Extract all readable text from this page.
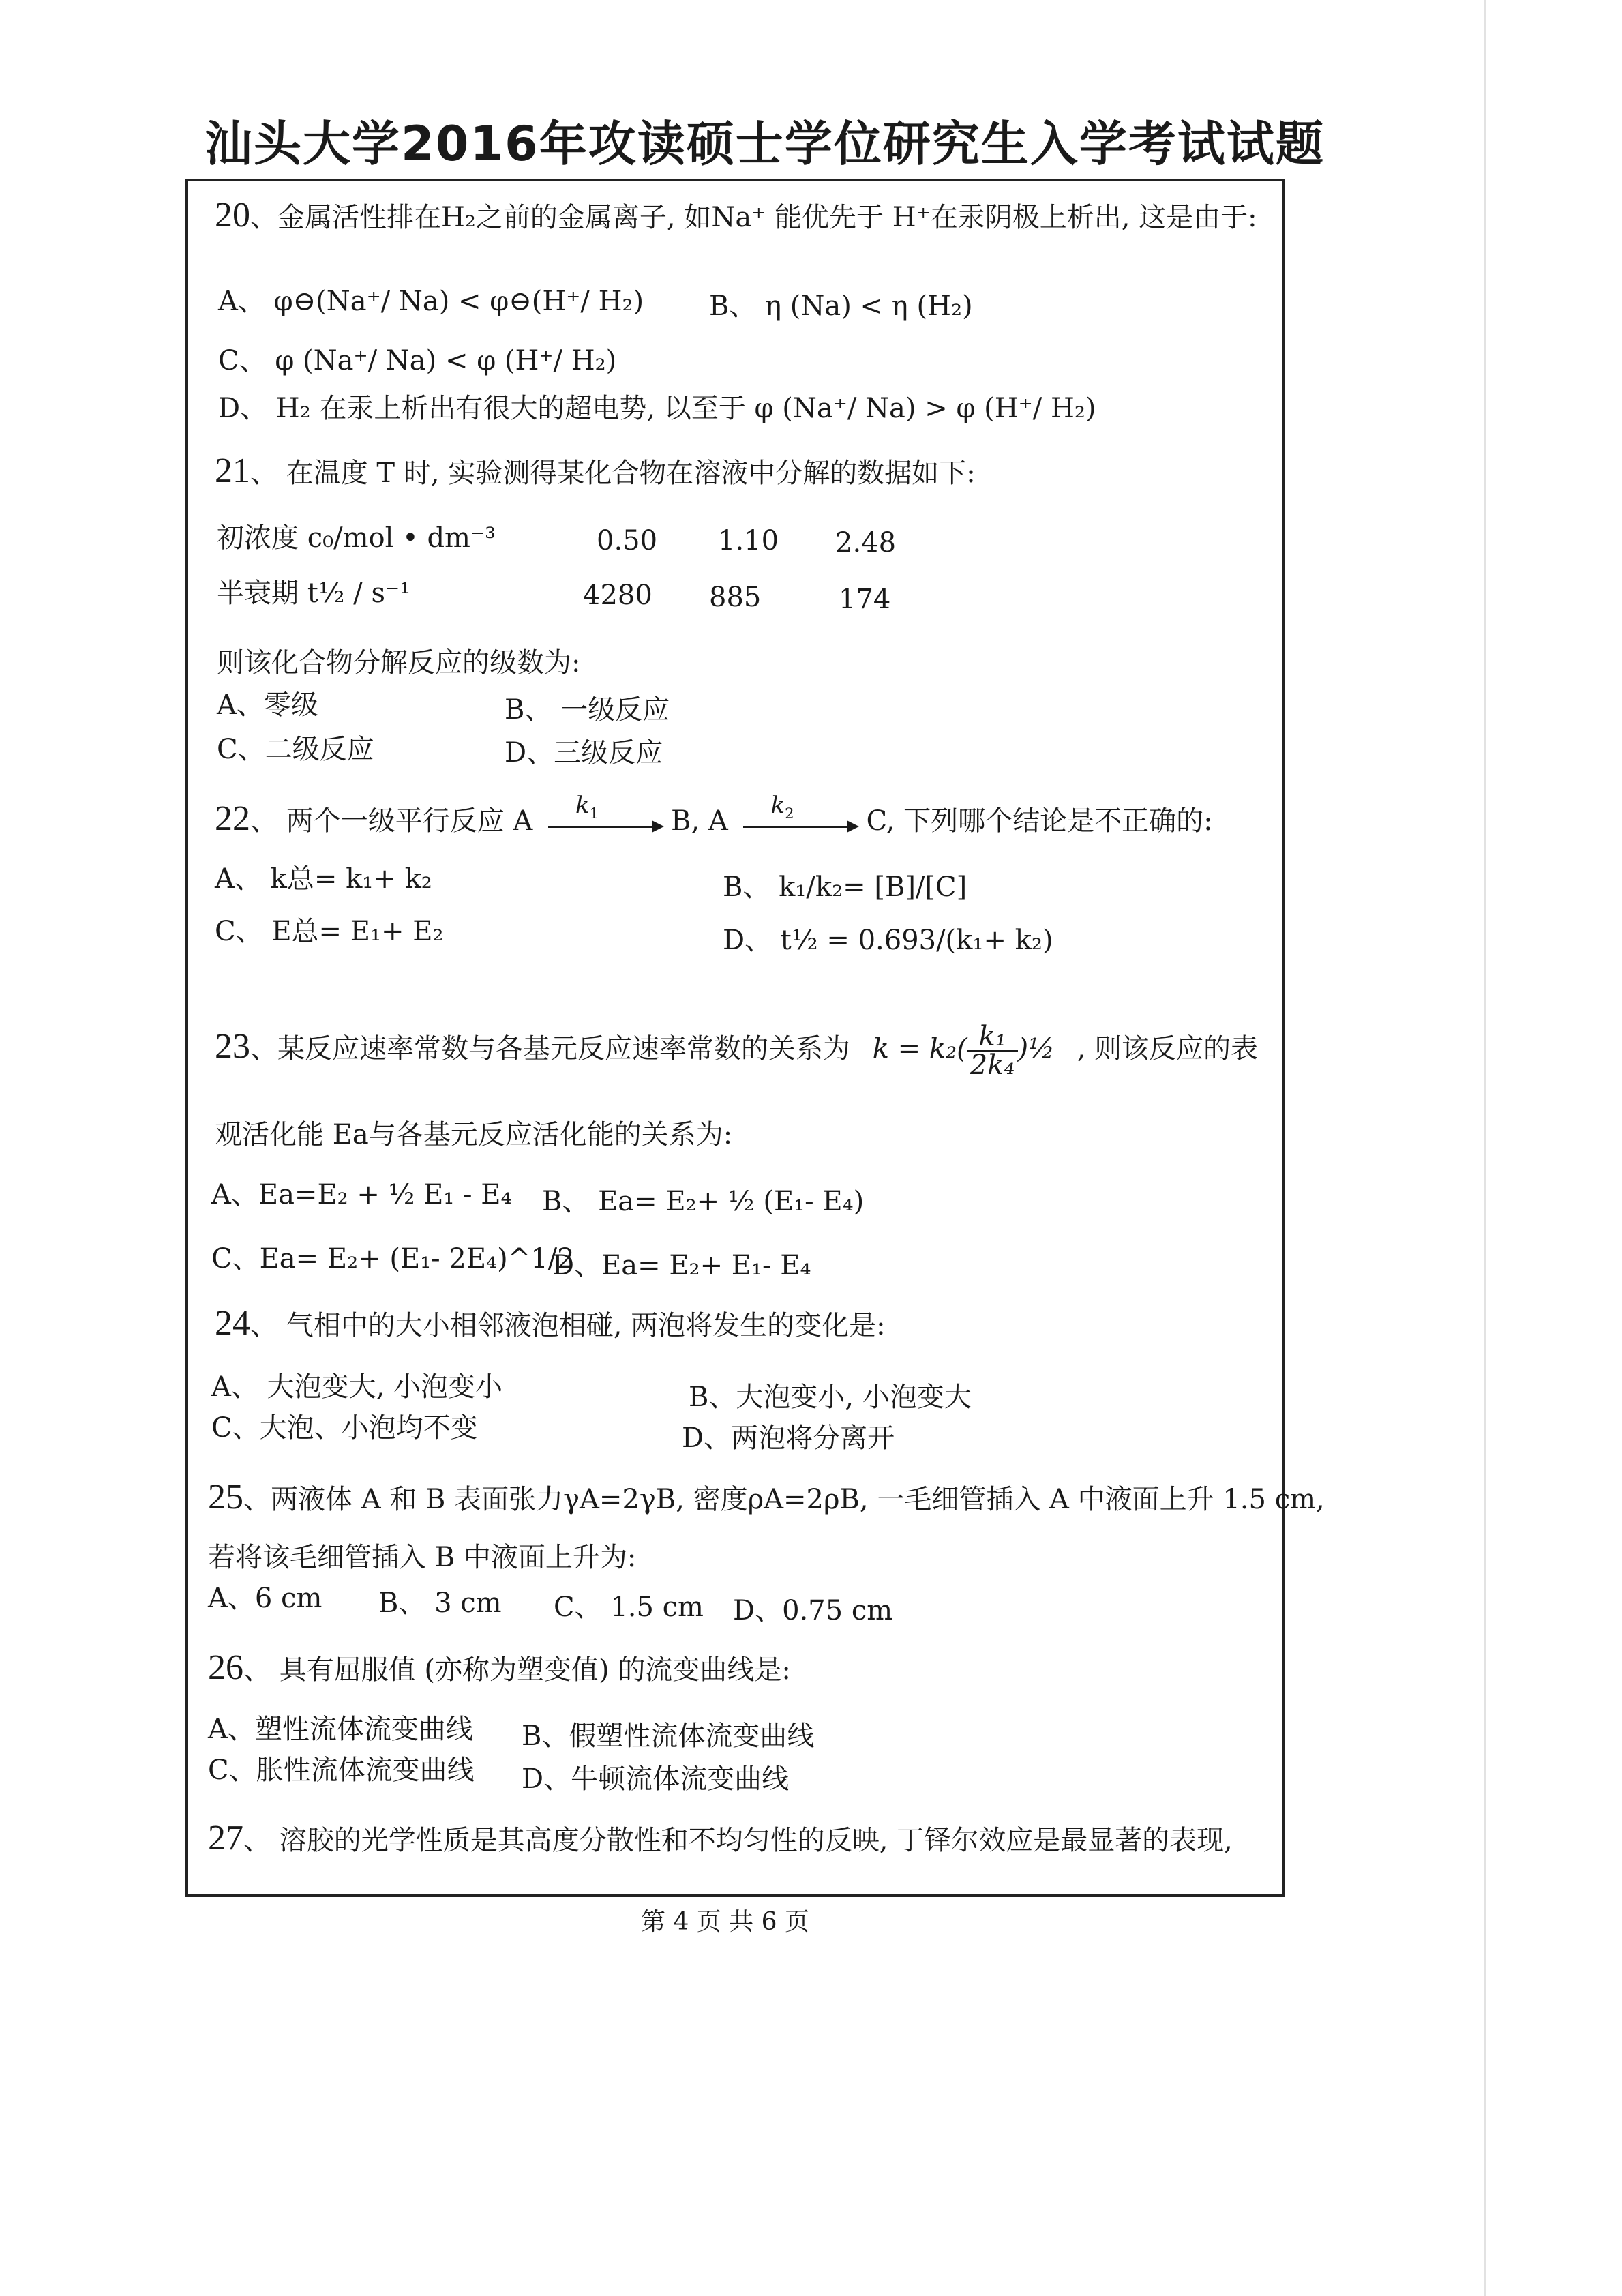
汕头大学2016年攻读硕士学位研究生入学考试试题
20、金属活性排在H₂之前的金属离子, 如Na⁺ 能优先于 H⁺在汞阴极上析出, 这是由于:
A、 φ⊖(Na⁺/ Na) < φ⊖(H⁺/ H₂) B、 η (Na) < η (H₂)
C、 φ (Na⁺/ Na) < φ (H⁺/ H₂)
D、 H₂ 在汞上析出有很大的超电势, 以至于 φ (Na⁺/ Na) > φ (H⁺/ H₂)
21、 在温度 T 时, 实验测得某化合物在溶液中分解的数据如下:
初浓度 c₀/mol • dm⁻³	0.50 1.10 2.48
半衰期 t½ / s⁻¹	4280 885	174
则该化合物分解反应的级数为:
A、零级	B、 一级反应
C、二级反应	D、三级反应
22、 两个一级平行反应 A $k_1$	B, A $k_2$	C, 下列哪个结论是不正确的:
A、 k总= k₁+ k₂	B、 k₁/k₂= [B]/[C]
C、 E总= E₁+ E₂	D、 t½ = 0.693/(k₁+ k₂)
23、某反应速率常数与各基元反应速率常数的关系为 $k = k_2( \frac{\text{k₁}}{\text{2k₄}}$ )½ , 则该反应的表
观活化能 Ea与各基元反应活化能的关系为:
A、Ea=E₂ + ½ E₁ - E₄ B、 Ea= E₂+ ½ (E₁- E₄)
C、Ea= E₂+ (E₁- 2E₄)^1/2
D、Ea= E₂+ E₁- E₄
24、 气相中的大小相邻液泡相碰, 两泡将发生的变化是:
A、 大泡变大, 小泡变小	B、大泡变小, 小泡变大
C、大泡、小泡均不变	D、两泡将分离开
25、两液体 A 和 B 表面张力γA=2γB, 密度ρA=2ρB, 一毛细管插入 A 中液面上升 1.5 cm,
若将该毛细管插入 B 中液面上升为:
A、6 cm B、 3 cm C、 1.5 cm D、0.75 cm
26、 具有屈服值 (亦称为塑变值) 的流变曲线是:
A、塑性流体流变曲线 B、假塑性流体流变曲线
C、胀性流体流变曲线 D、牛顿流体流变曲线
27、 溶胶的光学性质是其高度分散性和不均匀性的反映, 丁铎尔效应是最显著的表现,
第 4 页 共 6 页
